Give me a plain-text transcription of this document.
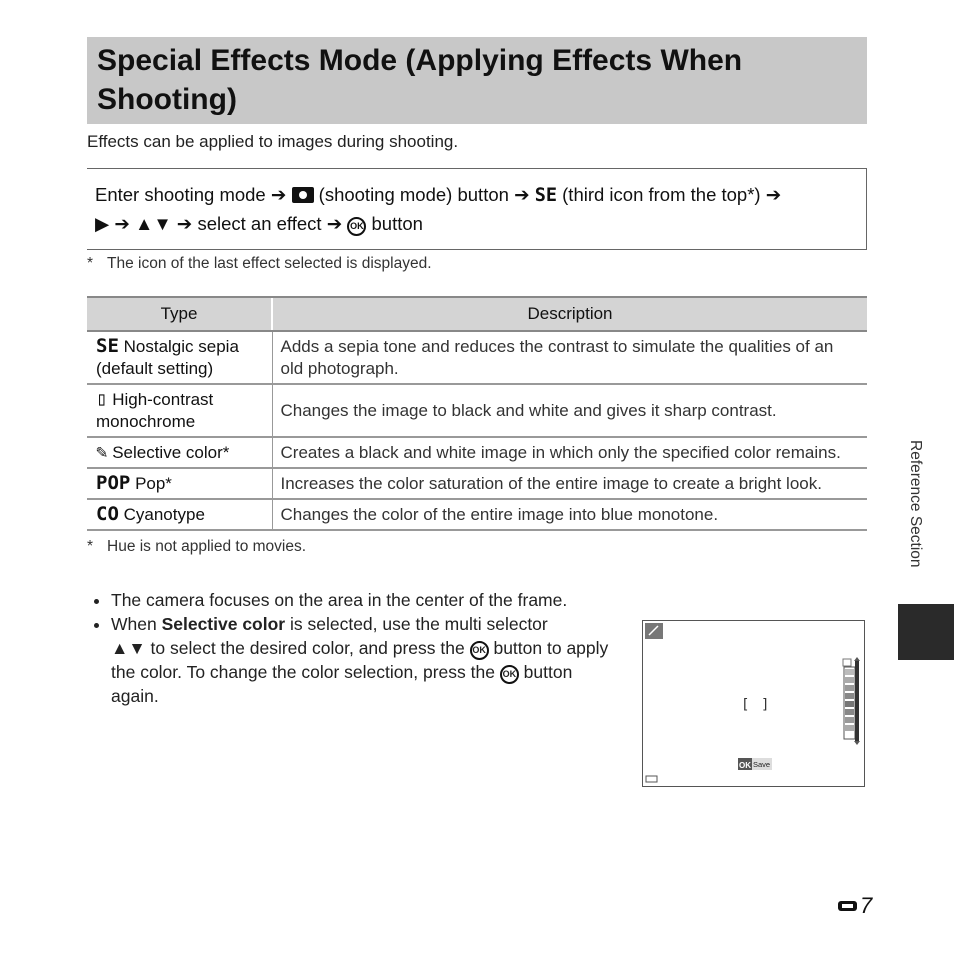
Special Effects Mode (Applying Effects When Shooting)
Effects can be applied to images during shooting.
Enter shooting mode ➔  (shooting mode) button ➔ SE (third icon from the top*) ➔
▶ ➔ ▲▼ ➔ select an effect ➔ OK button
* The icon of the last effect selected is displayed.
Type	Description
SE Nostalgic sepia (default setting)	Adds a sepia tone and reduces the contrast to simulate the qualities of an old photograph.
▯ High-contrast monochrome	Changes the image to black and white and gives it sharp contrast.
✎ Selective color*	Creates a black and white image in which only the specified color remains.
POP Pop*	Increases the color saturation of the entire image to create a bright look.
CO Cyanotype	Changes the color of the entire image into blue monotone.
* Hue is not applied to movies.
• The camera focuses on the area in the center of the frame.
• When Selective color is selected, use the multi selector
▲▼ to select the desired color, and press the OK button to apply the color. To change the color selection, press the OK button again.	[ ]
OK Save
Reference Section
7
